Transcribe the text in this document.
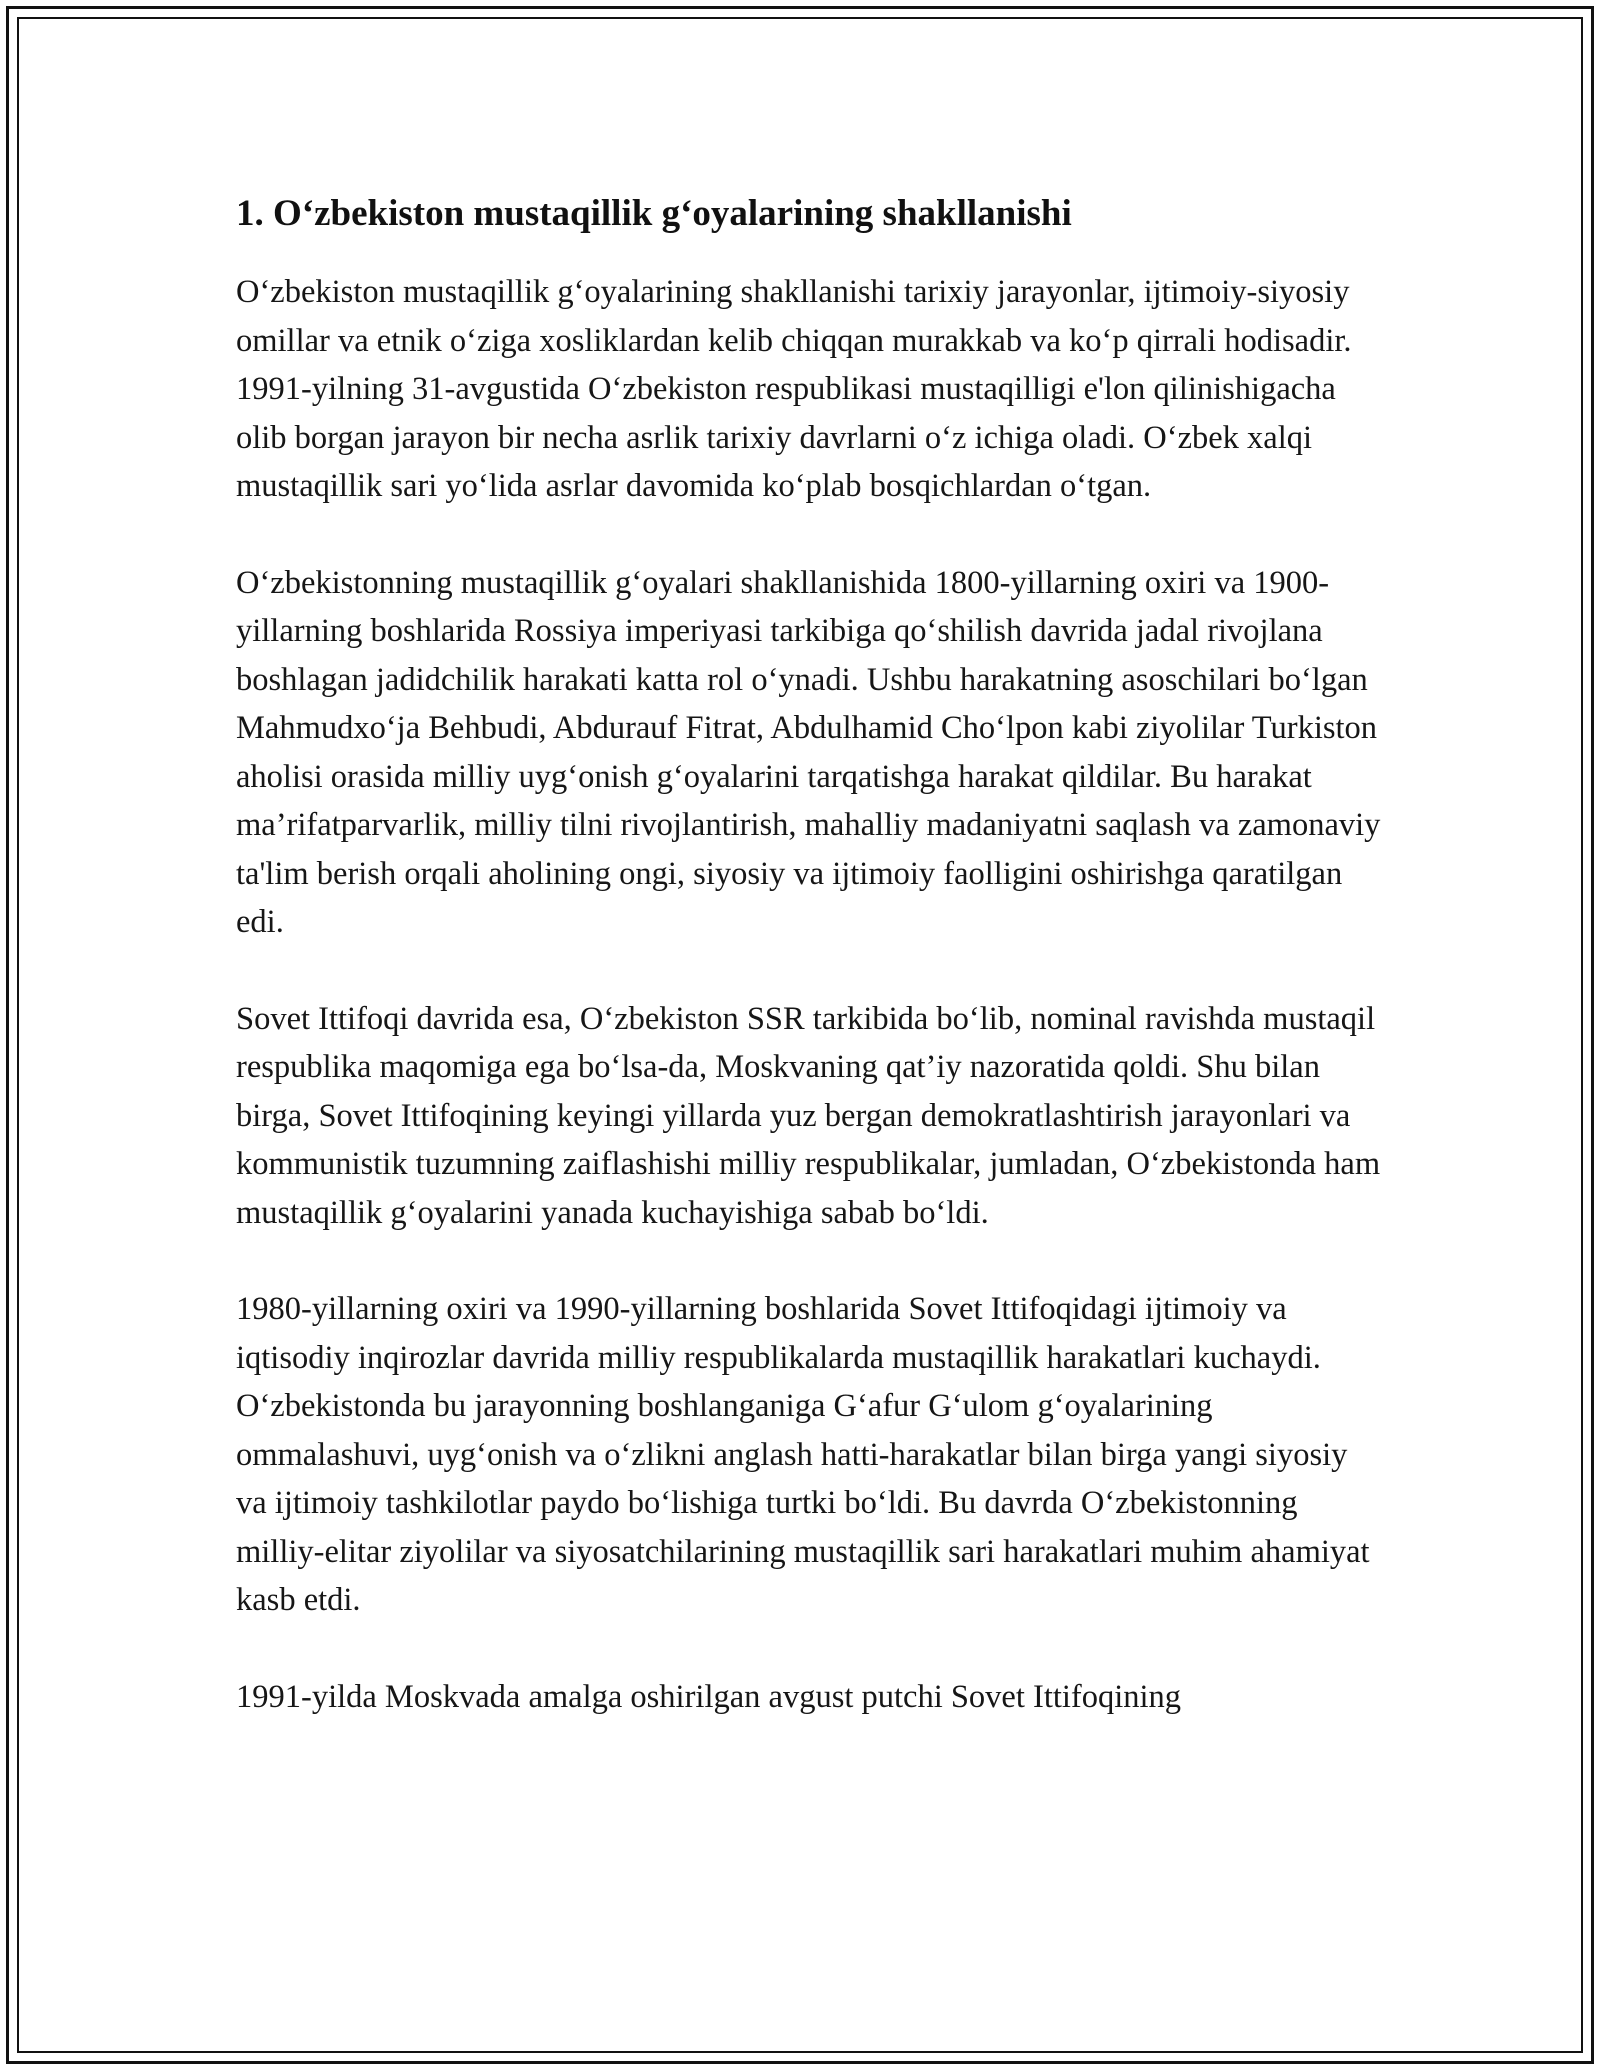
1. Oʻzbekiston mustaqillik gʻoyalarining shakllanishi

Oʻzbekiston mustaqillik gʻoyalarining shakllanishi tarixiy jarayonlar, ijtimoiy-siyosiy omillar va etnik oʻziga xosliklardan kelib chiqqan murakkab va koʻp qirrali hodisadir. 1991-yilning 31-avgustida Oʻzbekiston respublikasi mustaqilligi e'lon qilinishigacha olib borgan jarayon bir necha asrlik tarixiy davrlarni oʻz ichiga oladi. Oʻzbek xalqi mustaqillik sari yoʻlida asrlar davomida koʻplab bosqichlardan oʻtgan.

Oʻzbekistonning mustaqillik gʻoyalari shakllanishida 1800-yillarning oxiri va 1900-yillarning boshlarida Rossiya imperiyasi tarkibiga qoʻshilish davrida jadal rivojlana boshlagan jadidchilik harakati katta rol oʻynadi. Ushbu harakatning asoschilari boʻlgan Mahmudxoʻja Behbudi, Abdurauf Fitrat, Abdulhamid Choʻlpon kabi ziyolilar Turkiston aholisi orasida milliy uygʻonish gʻoyalarini tarqatishga harakat qildilar. Bu harakat ma’rifatparvarlik, milliy tilni rivojlantirish, mahalliy madaniyatni saqlash va zamonaviy ta'lim berish orqali aholining ongi, siyosiy va ijtimoiy faolligini oshirishga qaratilgan edi.

Sovet Ittifoqi davrida esa, Oʻzbekiston SSR tarkibida boʻlib, nominal ravishda mustaqil respublika maqomiga ega boʻlsa-da, Moskvaning qat’iy nazoratida qoldi. Shu bilan birga, Sovet Ittifoqining keyingi yillarda yuz bergan demokratlashtirish jarayonlari va kommunistik tuzumning zaiflashishi milliy respublikalar, jumladan, Oʻzbekistonda ham mustaqillik gʻoyalarini yanada kuchayishiga sabab boʻldi.

1980-yillarning oxiri va 1990-yillarning boshlarida Sovet Ittifoqidagi ijtimoiy va iqtisodiy inqirozlar davrida milliy respublikalarda mustaqillik harakatlari kuchaydi. Oʻzbekistonda bu jarayonning boshlanganiga Gʻafur Gʻulom gʻoyalarining ommalashuvi, uygʻonish va oʻzlikni anglash hatti-harakatlar bilan birga yangi siyosiy va ijtimoiy tashkilotlar paydo boʻlishiga turtki boʻldi. Bu davrda Oʻzbekistonning milliy-elitar ziyolilar va siyosatchilarining mustaqillik sari harakatlari muhim ahamiyat kasb etdi.

1991-yilda Moskvada amalga oshirilgan avgust putchi Sovet Ittifoqining
